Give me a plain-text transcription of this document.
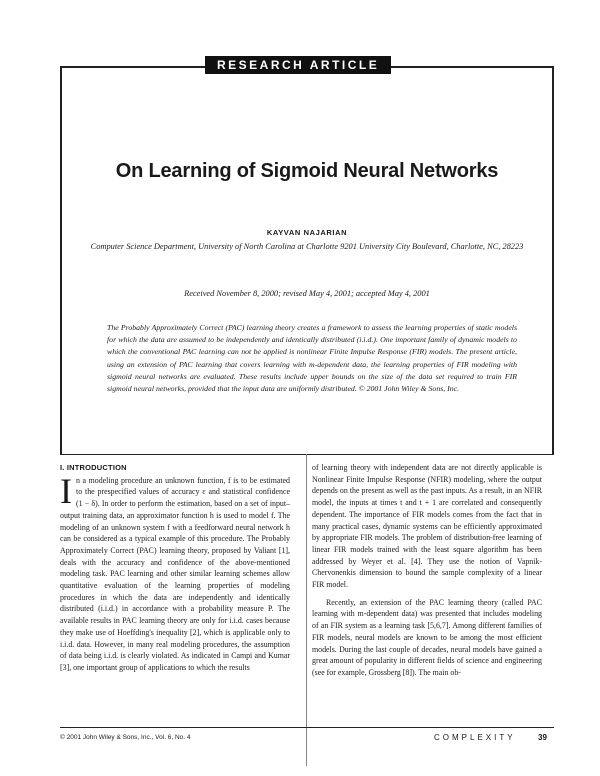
RESEARCH ARTICLE
On Learning of Sigmoid Neural Networks
KAYVAN NAJARIAN
Computer Science Department, University of North Carolina at Charlotte 9201 University City Boulevard, Charlotte, NC, 28223
Received November 8, 2000; revised May 4, 2001; accepted May 4, 2001
The Probably Approximately Correct (PAC) learning theory creates a framework to assess the learning properties of static models for which the data are assumed to be independently and identically distributed (i.i.d.). One important family of dynamic models to which the conventional PAC learning can not be applied is nonlinear Finite Impulse Response (FIR) models. The present article, using an extension of PAC learning that covers learning with m-dependent data, the learning properties of FIR modeling with sigmoid neural networks are evaluated. These results include upper bounds on the size of the data set required to train FIR sigmoid neural networks, provided that the input data are uniformly distributed. © 2001 John Wiley & Sons, Inc.
I. INTRODUCTION
I n a modeling procedure an unknown function, f is to be estimated to the prespecified values of accuracy ε and statistical confidence (1 − δ). In order to perform the estimation, based on a set of input–output training data, an approximator function h is used to model f. The modeling of an unknown system f with a feedforward neural network h can be considered as a typical example of this procedure. The Probably Approximately Correct (PAC) learning theory, proposed by Valiant [1], deals with the accuracy and confidence of the above-mentioned modeling task. PAC learning and other similar learning schemes allow quantitative evaluation of the learning properties of modeling procedures in which the data are independently and identically distributed (i.i.d.) in accordance with a probability measure P. The available results in PAC learning theory are only for i.i.d. cases because they make use of Hoeffding's inequality [2], which is applicable only to i.i.d. data. However, in many real modeling procedures, the assumption of data being i.i.d. is clearly violated. As indicated in Campi and Kumar [3], one important group of applications to which the results
of learning theory with independent data are not directly applicable is Nonlinear Finite Impulse Response (NFIR) modeling, where the output depends on the present as well as the past inputs. As a result, in an NFIR model, the inputs at times t and t + 1 are correlated and consequently dependent. The importance of FIR models comes from the fact that in many practical cases, dynamic systems can be efficiently approximated by appropriate FIR models. The problem of distribution-free learning of linear FIR models trained with the least square algorithm has been addressed by Weyer et al. [4]. They use the notion of Vapnik-Chervonenkis dimension to bound the sample complexity of a linear FIR model.
Recently, an extension of the PAC learning theory (called PAC learning with m-dependent data) was presented that includes modeling of an FIR system as a learning task [5,6,7]. Among different families of FIR models, neural models are known to be among the most efficient models. During the last couple of decades, neural models have gained a great amount of popularity in different fields of science and engineering (see for example, Grossberg [8]). The main ob-
© 2001 John Wiley & Sons, Inc., Vol. 6, No. 4	COMPLEXITY	39
